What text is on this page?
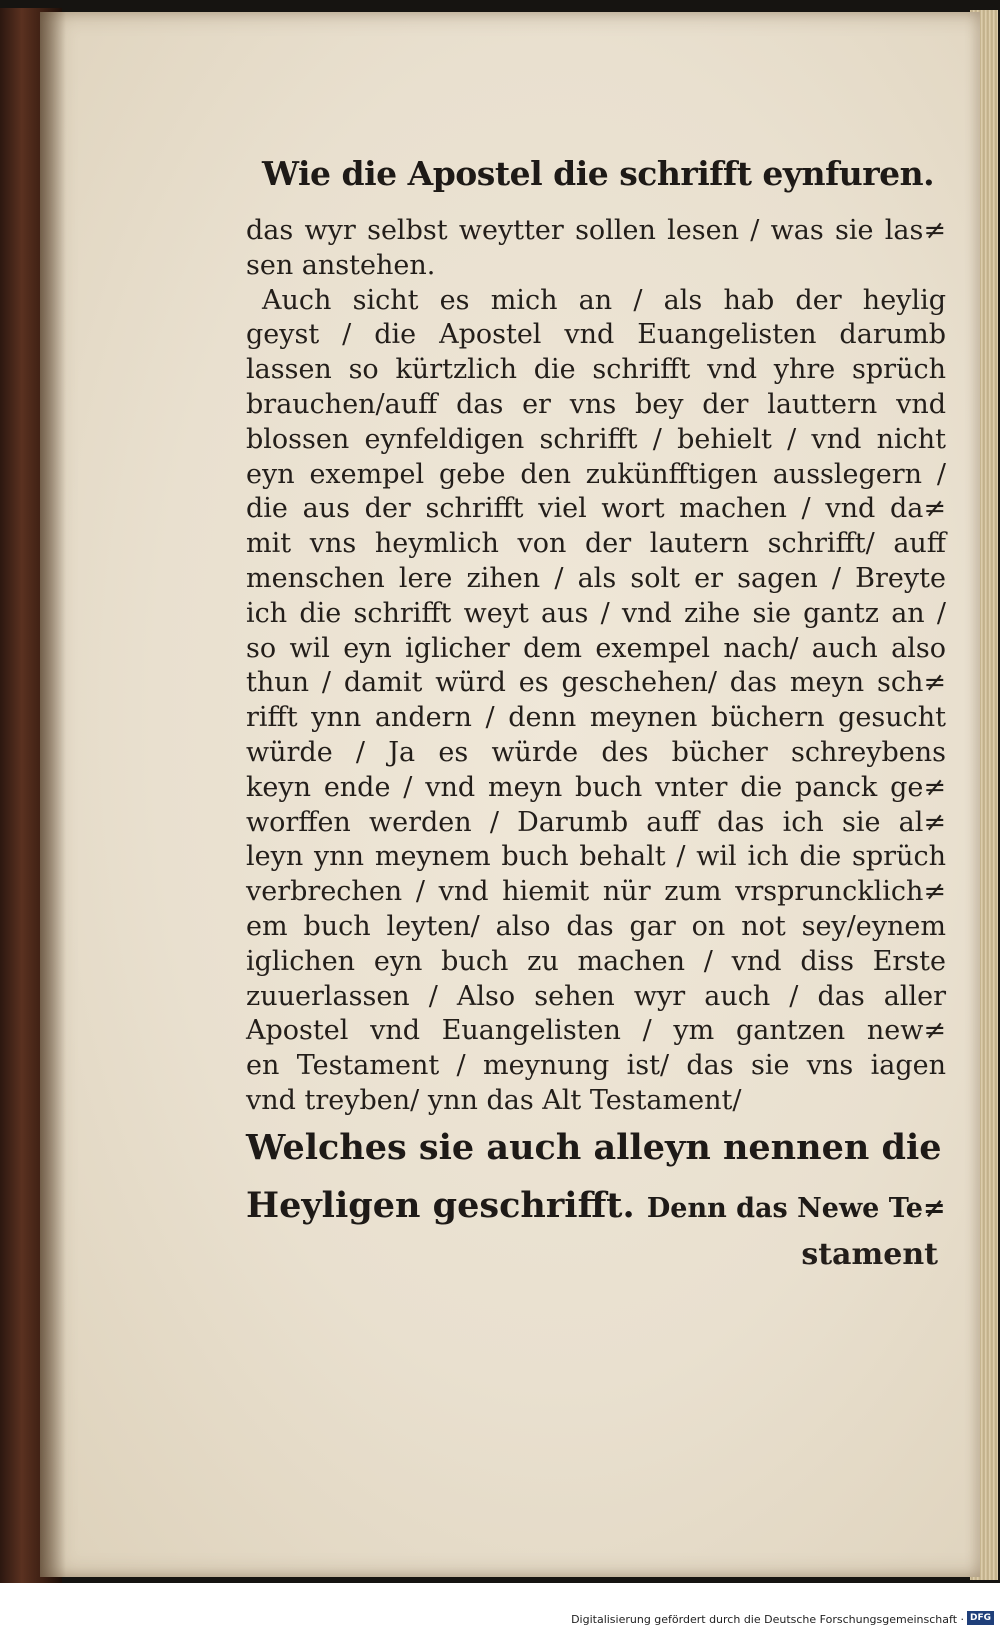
Wie die Apostel die schrifft eynfuren.
das wyr selbst weytter sollen lesen / was sie las≠
sen anstehen.
Auch sicht es mich an / als hab der heylig
geyst / die Apostel vnd Euangelisten darumb
lassen so kürtzlich die schrifft vnd yhre sprüch
brauchen/auff das er vns bey der lauttern vnd
blossen eynfeldigen schrifft / behielt / vnd nicht
eyn exempel gebe den zukünfftigen ausslegern /
die aus der schrifft viel wort machen / vnd da≠
mit vns heymlich von der lautern schrifft/ auff
menschen lere zihen / als solt er sagen / Breyte
ich die schrifft weyt aus / vnd zihe sie gantz an /
so wil eyn iglicher dem exempel nach/ auch also
thun / damit würd es geschehen/ das meyn sch≠
rifft ynn andern / denn meynen büchern gesucht
würde / Ja es würde des bücher schreybens
keyn ende / vnd meyn buch vnter die panck ge≠
worffen werden / Darumb auff das ich sie al≠
leyn ynn meynem buch behalt / wil ich die sprüch
verbrechen / vnd hiemit nür zum vrspruncklich≠
em buch leyten/ also das gar on not sey/eynem
iglichen eyn buch zu machen / vnd diss Erste
zuuerlassen / Also sehen wyr auch / das aller
Apostel vnd Euangelisten / ym gantzen new≠
en Testament / meynung ist/ das sie vns iagen
vnd treyben/ ynn das Alt Testament/
Welches sie auch alleyn nennen die
Heyligen geschrifft. Denn das Newe Te≠
stament
Digitalisierung gefördert durch die Deutsche Forschungsgemeinschaft · DFG
